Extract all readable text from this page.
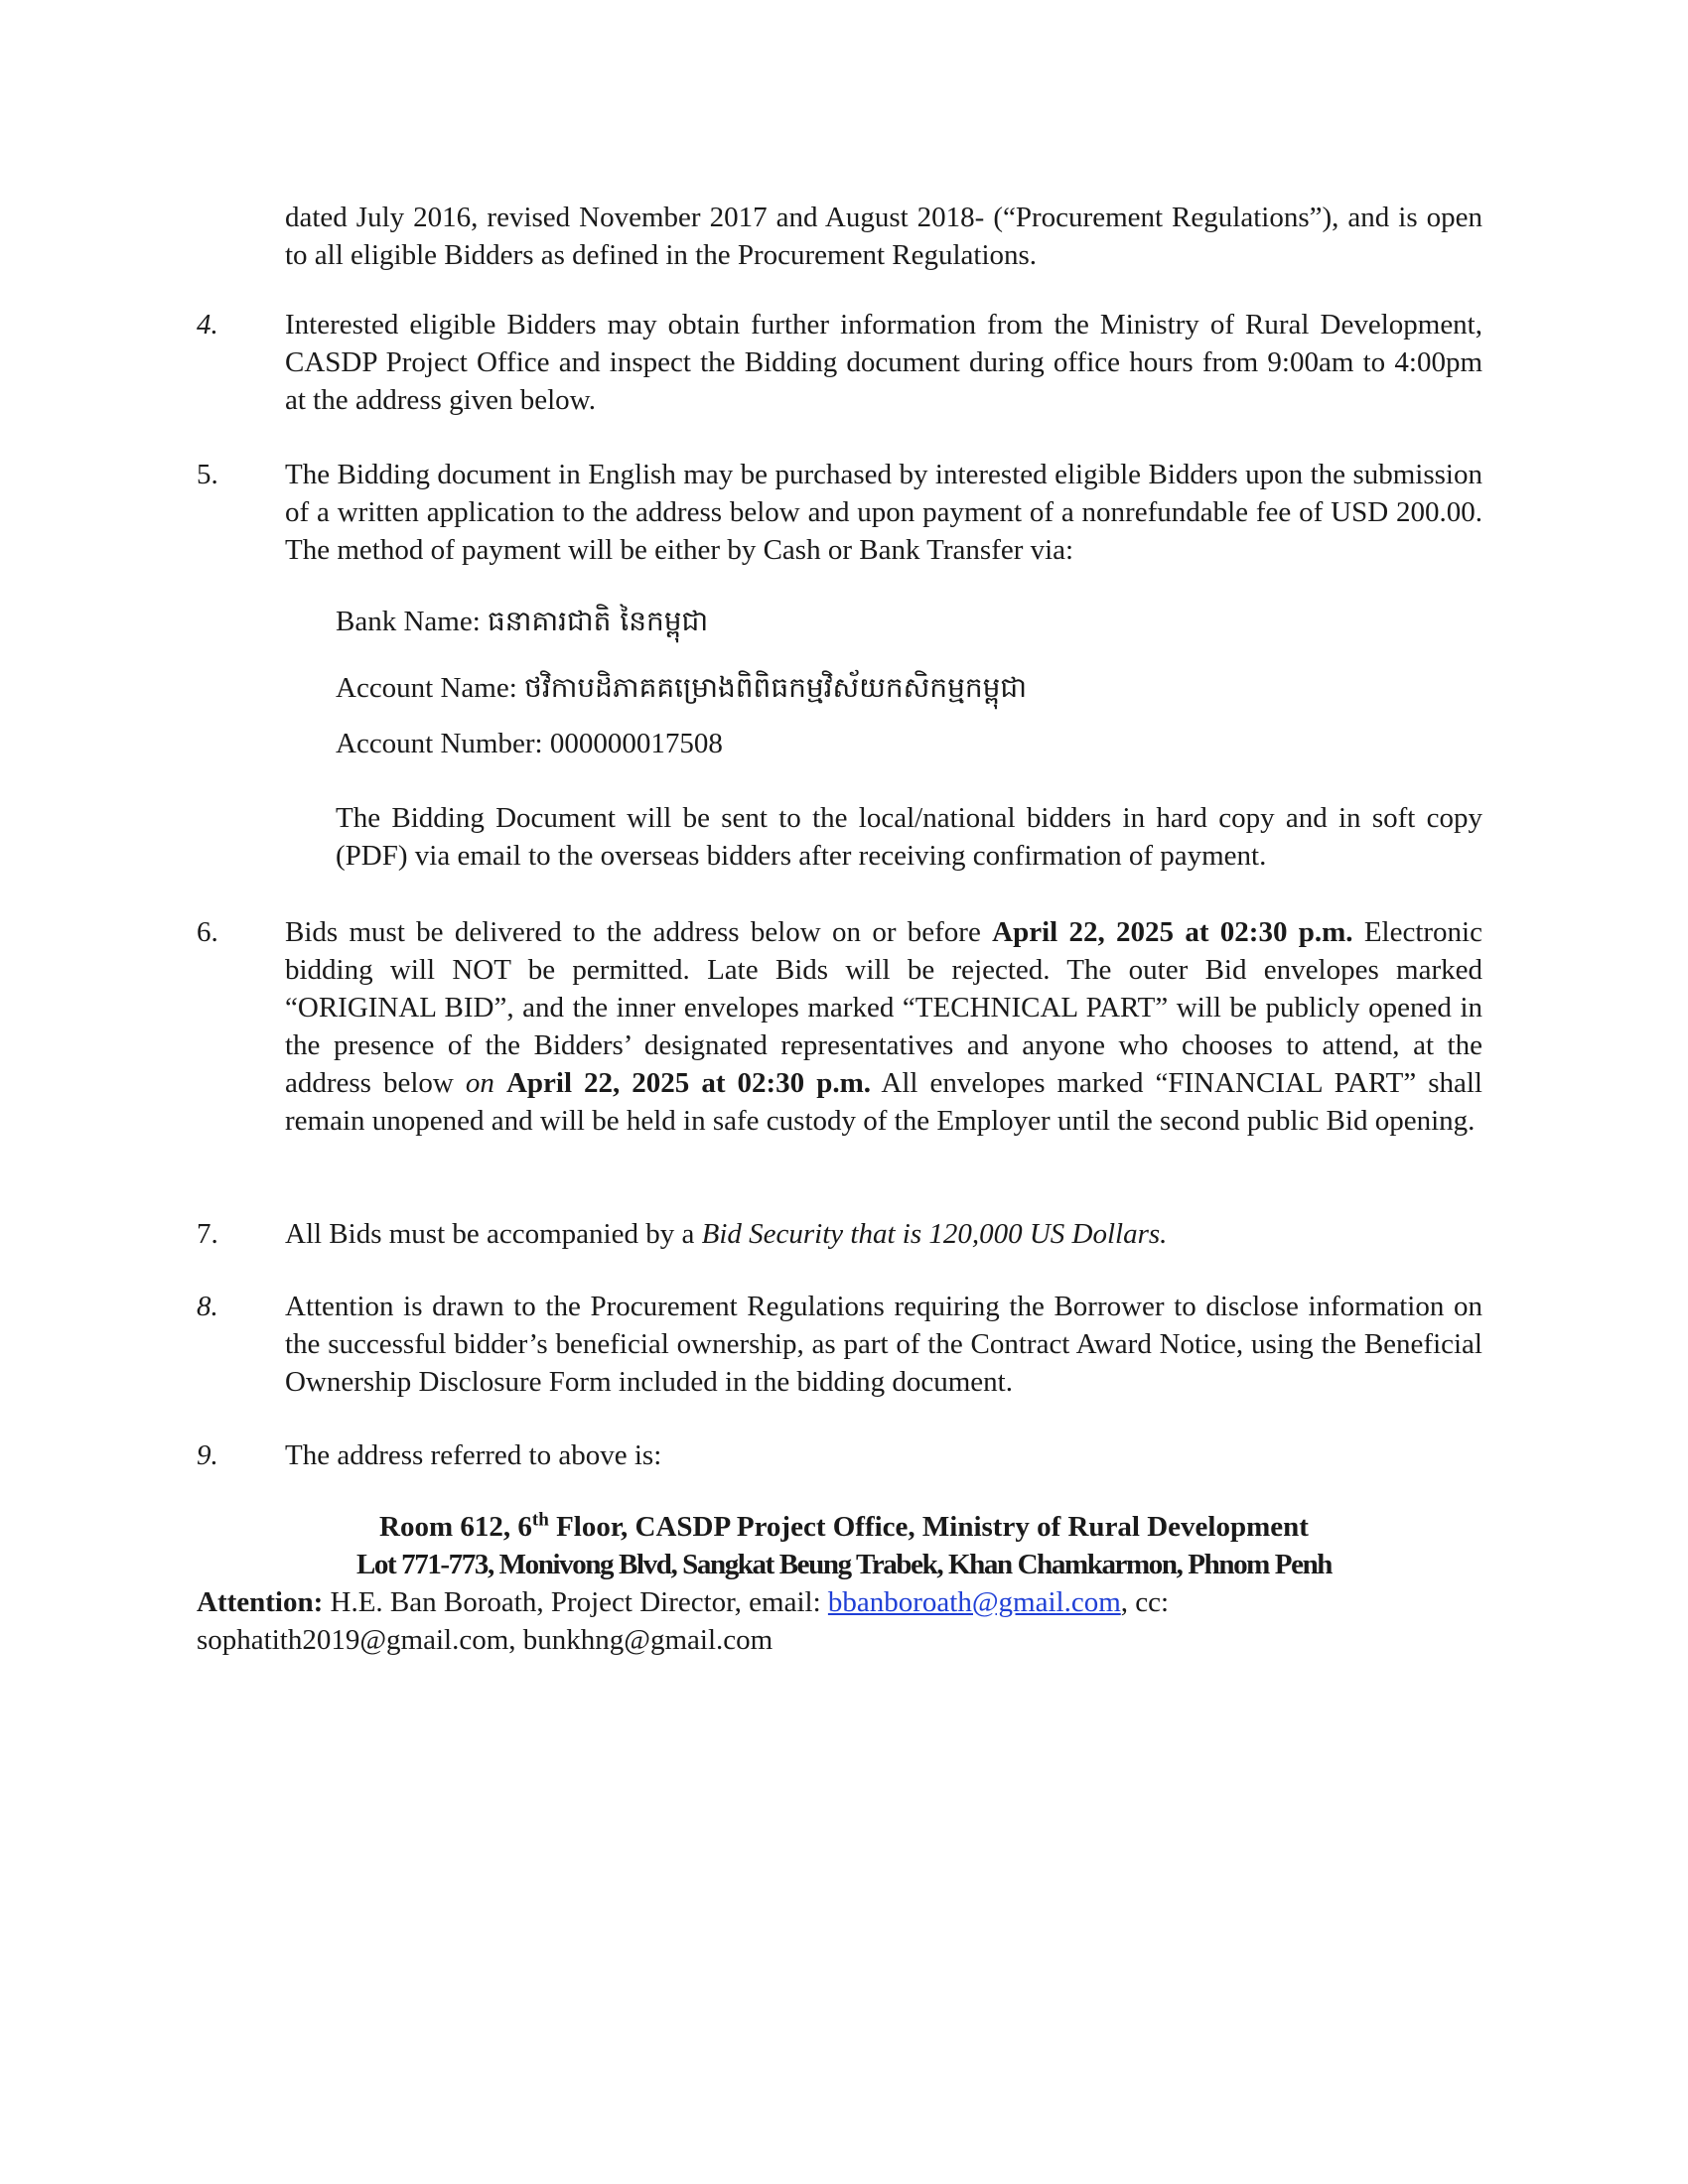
dated July 2016, revised November 2017 and August 2018- (“Procurement Regulations”), and is open to all eligible Bidders as defined in the Procurement Regulations.
4.	Interested eligible Bidders may obtain further information from the Ministry of Rural Development, CASDP Project Office and inspect the Bidding document during office hours from 9:00am to 4:00pm at the address given below.
5.	The Bidding document in English may be purchased by interested eligible Bidders upon the submission of a written application to the address below and upon payment of a nonrefundable fee of USD 200.00. The method of payment will be either by Cash or Bank Transfer via:
Bank Name: ធនាគារជាតិ នៃកម្ពុជា
Account Name: ថវិកាបដិភាគគម្រោងពិពិធកម្មវិស័យកសិកម្មកម្ពុជា
Account Number: 000000017508
The Bidding Document will be sent to the local/national bidders in hard copy and in soft copy (PDF) via email to the overseas bidders after receiving confirmation of payment.
6.	Bids must be delivered to the address below on or before April 22, 2025 at 02:30 p.m. Electronic bidding will NOT be permitted. Late Bids will be rejected. The outer Bid envelopes marked “ORIGINAL BID”, and the inner envelopes marked “TECHNICAL PART” will be publicly opened in the presence of the Bidders’ designated representatives and anyone who chooses to attend, at the address below on April 22, 2025 at 02:30 p.m. All envelopes marked “FINANCIAL PART” shall remain unopened and will be held in safe custody of the Employer until the second public Bid opening.
7.	All Bids must be accompanied by a Bid Security that is 120,000 US Dollars.
8.	Attention is drawn to the Procurement Regulations requiring the Borrower to disclose information on the successful bidder’s beneficial ownership, as part of the Contract Award Notice, using the Beneficial Ownership Disclosure Form included in the bidding document.
9.	The address referred to above is:
Room 612, 6th Floor, CASDP Project Office, Ministry of Rural Development
Lot 771-773, Monivong Blvd, Sangkat Beung Trabek, Khan Chamkarmon, Phnom Penh
Attention: H.E. Ban Boroath, Project Director, email: bbanboroath@gmail.com, cc:
sophatith2019@gmail.com, bunkhng@gmail.com
